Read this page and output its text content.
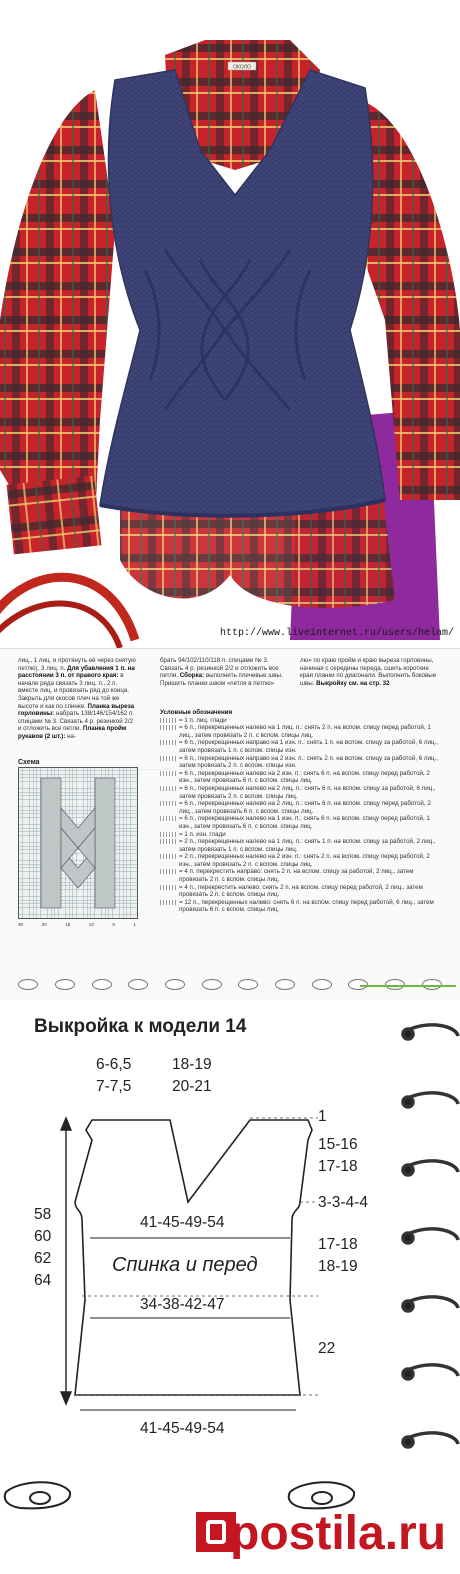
ОКОЛО
http://www.liveinternet.ru/users/helam/
лиц., 1 лиц. и протянуть её через снятую петлю), 3 лиц. п. Для убавления 1 п. на расстоянии 3 п. от правого края: в начале ряда связать 3 лиц. п., 2 п. вместе лиц. и провязать ряд до конца. Закрыть для скосов плеч на той же высоте и как по спинке. Планка выреза горловины: набрать 138/146/154/162 п. спицами № 3. Связать 4 р. резинкой 2/2 и отложить все петли. Планка пройм рукавов (2 шт.): на-
брать 94/102/110/118 п. спицами № 3. Связать 4 р. резинкой 2/2 и отложить все петли. Сборка: выполнить плечевые швы. Пришить планки швом «петля в петлю»
лю» по краю пройм и краю выреза горловины, начиная с середины переда, сшить короткие края планки по диагонали. Выполнить боковые швы. Выкройку см. на стр. 32

Условные обозначения

= 1 п. лиц. глади
= 6 п., перекрещенных налево на 1 лиц. п.: снять 2 п. на вспом. спицу перед работой, 1 лиц., затем провязать 2 п. с вспом. спицы лиц.
= 6 п., перекрещенных направо на 1 изн. п.: снять 1 п. на вспом. спицу за работой, 6 лиц., затем провязать 1 п. с вспом. спицы изн.
= 6 п., перекрещенных направо на 2 изн. п.: снять 2 п. на вспом. спицу за работой, 6 лиц., затем провязать 2 п. с вспом. спицы изн.
= 6 п., перекрещенных налево на 2 изн. п.: снять 6 п. на вспом. спицу перед работой, 2 изн., затем провязать 6 п. с вспом. спицы лиц.
= 6 п., перекрещенных налево на 2 лиц. п.: снять 6 п. на вспом. спицу за работой, 6 лиц., затем провязать 2 п. с вспом. спицы лиц.
= 6 п., перекрещенных налево на 2 лиц. п.: снять 6 п. на вспом. спицу перед работой, 2 лиц., затем провязать 6 п. с вспом. спицы лиц.
= 6 п., перекрещенных налево на 1 изн. п.: снять 6 п. на вспом. спицу перед работой, 1 изн., затем провязать 6 п. с вспом. спицы лиц.
= 1 п. изн. глади
= 2 п., перекрещенных налево на 1 лиц. п.: снять 1 п. на вспом. спицу за работой, 2 лиц., затем провязать 1 п. с вспом. спицы лиц.
= 2 п., перекрещенных налево на 2 изн. п.: снять 2 п. на вспом. спицу перед работой, 2 изн., затем провязать 2 п. с вспом. спицы лиц.
= 4 п. перекрестить направо: снять 2 п. на вспом. спицу за работой, 2 лиц., затем провязать 2 п. с вспом. спицы лиц.
= 4 п., перекрестить налево: снять 2 п. на вспом. спицу перед работой, 2 лиц., затем провязать 2 п. с вспом. спицы лиц.
= 12 п., перекрещенных налево: снять 6 п. на вспом. спицу перед работой, 6 лиц., затем провязать 6 п. с вспом. спицы лиц.
Схема
· · · · · · · · · · · ·
30	20	15	10	5	1
Выкройка к модели 14
6-6,5
7-7,5
18-19
20-21
1
15-16
17-18
3-3-4-4
17-18
18-19
22
58
60
62
64
41-45-49-54
Спинка и перед
34-38-42-47
41-45-49-54
postila.ru
